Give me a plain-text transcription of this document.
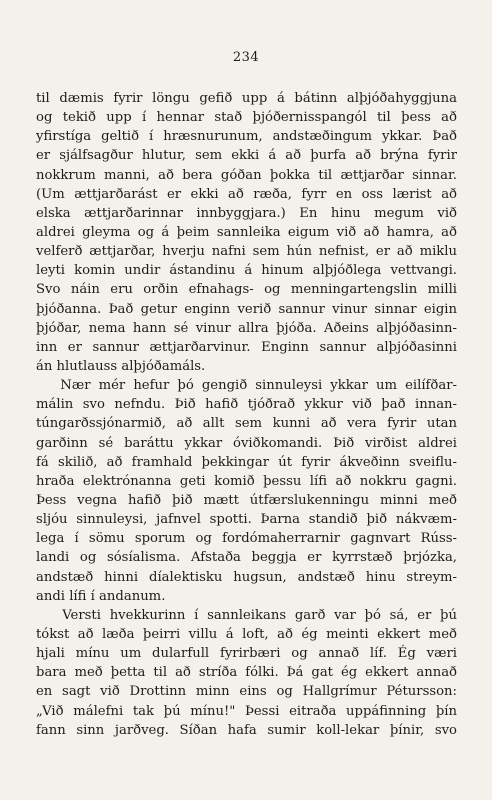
234
til dæmis fyrir löngu gefið upp á bátinn alþjóðahyggjuna
og tekið upp í hennar stað þjóðernisspangól til þess að
yfirstíga geltið í hræsnurunum, andstæðingum ykkar. Það
er sjálfsagður hlutur, sem ekki á að þurfa að brýna fyrir
nokkrum manni, að bera góðan þokka til ættjarðar sinnar.
(Um ættjarðarást er ekki að ræða, fyrr en oss lærist að
elska ættjarðarinnar innbyggjara.) En hinu megum við
aldrei gleyma og á þeim sannleika eigum við að hamra, að
velferð ættjarðar, hverju nafni sem hún nefnist, er að miklu
leyti komin undir ástandinu á hinum alþjóðlega vettvangi.
Svo náin eru orðin efnahags- og menningartengslin milli
þjóðanna. Það getur enginn verið sannur vinur sinnar eigin
þjóðar, nema hann sé vinur allra þjóða. Aðeins alþjóðasinn-
inn er sannur ættjarðarvinur. Enginn sannur alþjóðasinni
án hlutlauss alþjóðamáls.
Nær mér hefur þó gengið sinnuleysi ykkar um eilífðar-
málin svo nefndu. Þið hafið tjóðrað ykkur við það innan-
túngarðssjónarmið, að allt sem kunni að vera fyrir utan
garðinn sé baráttu ykkar óviðkomandi. Þið virðist aldrei
fá skilið, að framhald þekkingar út fyrir ákveðinn sveiflu-
hraða elektrónanna geti komið þessu lífi að nokkru gagni.
Þess vegna hafið þið mætt útfærslukenningu minni með
sljóu sinnuleysi, jafnvel spotti. Þarna standið þið nákvæm-
lega í sömu sporum og fordómaherrarnir gagnvart Rúss-
landi og sósíalisma. Afstaða beggja er kyrrstæð þrjózka,
andstæð hinni díalektisku hugsun, andstæð hinu streym-
andi lífi í andanum.
Versti hvekkurinn í sannleikans garð var þó sá, er þú
tókst að læða þeirri villu á loft, að ég meinti ekkert með
hjali mínu um dularfull fyrirbæri og annað líf. Ég væri
bara með þetta til að stríða fólki. Þá gat ég ekkert annað
en sagt við Drottinn minn eins og Hallgrímur Pétursson:
„Við málefni tak þú mínu!" Þessi eitraða uppáfinning þín
fann sinn jarðveg. Síðan hafa sumir koll-lekar þínir, svo
